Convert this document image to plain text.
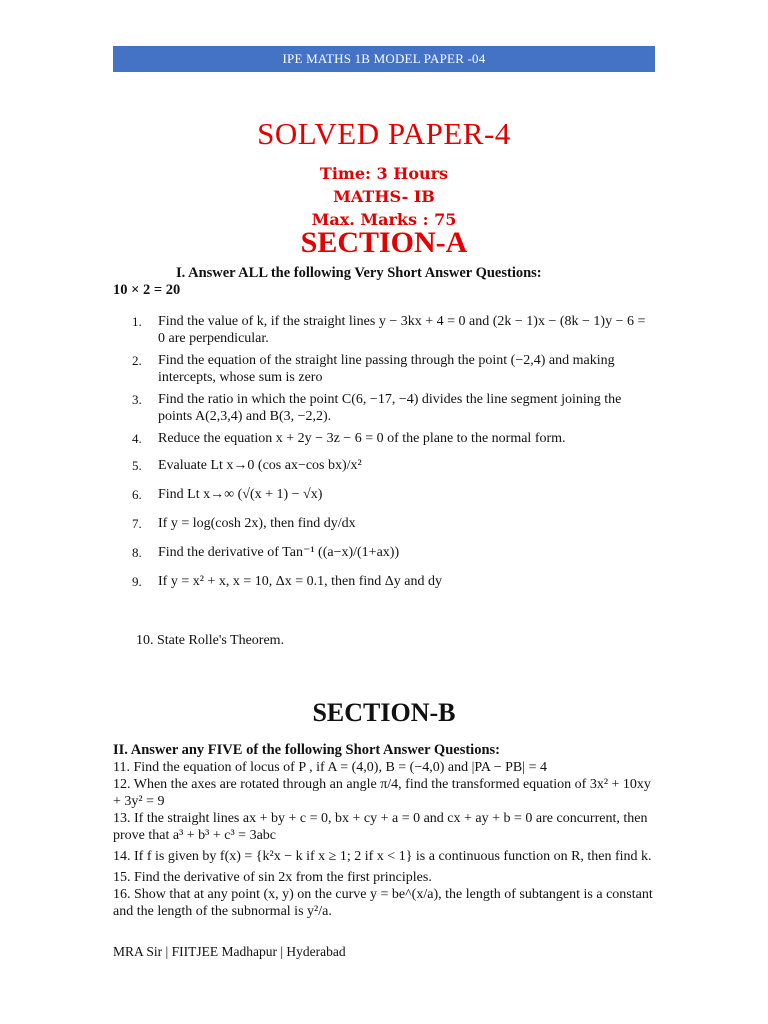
IPE MATHS 1B MODEL PAPER -04
SOLVED PAPER-4
Time: 3 Hours
MATHS- IB
Max. Marks : 75
SECTION-A
I. Answer ALL the following Very Short Answer Questions:
10 × 2 = 20
1.	Find the value of k, if the straight lines y − 3kx + 4 = 0 and (2k − 1)x − (8k − 1)y − 6 = 0 are perpendicular.
2.	Find the equation of the straight line passing through the point (−2,4) and making intercepts, whose sum is zero
3.	Find the ratio in which the point C(6, −17, −4) divides the line segment joining the points A(2,3,4) and B(3, −2,2).
4.	Reduce the equation x + 2y − 3z − 6 = 0 of the plane to the normal form.
5.	Evaluate Lt x→0 (cos ax−cos bx)/x²
6.	Find Lt x→∞ (√(x + 1) − √x)
7.	If y = log(cosh 2x), then find dy/dx
8.	Find the derivative of Tan⁻¹ ((a−x)/(1+ax))
9.	If y = x² + x, x = 10, Δx = 0.1, then find Δy and dy
10. State Rolle's Theorem.
SECTION-B
II. Answer any FIVE of the following Short Answer Questions:

11. Find the equation of locus of P , if A = (4,0), B = (−4,0) and |PA − PB| = 4

12. When the axes are rotated through an angle π/4, find the transformed equation of 3x² + 10xy + 3y² = 9

13. If the straight lines ax + by + c = 0, bx + cy + a = 0 and cx + ay + b = 0 are concurrent, then prove that a³ + b³ + c³ = 3abc

14. If f is given by f(x) = {k²x − k if x ≥ 1; 2 if x < 1} is a continuous function on R, then find k.

15. Find the derivative of sin 2x from the first principles.

16. Show that at any point (x, y) on the curve y = be^(x/a), the length of subtangent is a constant and the length of the subnormal is y²/a.

MRA Sir | FIITJEE Madhapur | Hyderabad
